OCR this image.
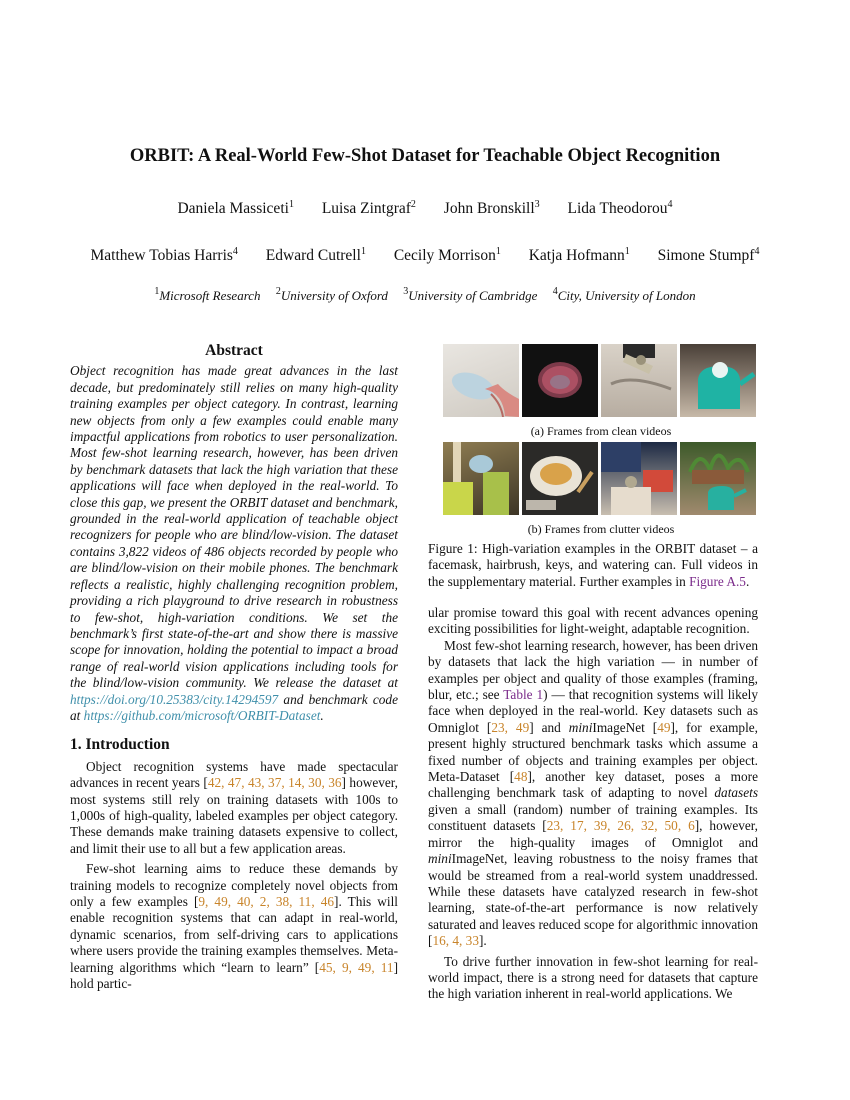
ORBIT: A Real-World Few-Shot Dataset for Teachable Object Recognition
Daniela Massiceti$^1$ Luisa Zintgraf$^2$ John Bronskill$^3$ Lida Theodorou$^4$
Matthew Tobias Harris$^4$ Edward Cutrell$^1$ Cecily Morrison$^1$ Katja Hofmann$^1$ Simone Stumpf$^4$
$^1$Microsoft Research $^2$University of Oxford $^3$University of Cambridge $^4$City, University of London
Abstract

Object recognition has made great advances in the last decade, but predominately still relies on many high-quality training examples per object category. In contrast, learning new objects from only a few examples could enable many impactful applications from robotics to user personalization. Most few-shot learning research, however, has been driven by benchmark datasets that lack the high variation that these applications will face when deployed in the real-world. To close this gap, we present the ORBIT dataset and benchmark, grounded in the real-world application of teachable object recognizers for people who are blind/low-vision. The dataset contains 3,822 videos of 486 objects recorded by people who are blind/low-vision on their mobile phones. The benchmark reflects a realistic, highly challenging recognition problem, providing a rich playground to drive research in robustness to few-shot, high-variation conditions. We set the benchmark’s first state-of-the-art and show there is massive scope for innovation, holding the potential to impact a broad range of real-world vision applications including tools for the blind/low-vision community. We release the dataset at https://doi.org/10.25383/city.14294597 and benchmark code at https://github.com/microsoft/ORBIT-Dataset.

1. Introduction

Object recognition systems have made spectacular advances in recent years [42, 47, 43, 37, 14, 30, 36] however, most systems still rely on training datasets with 100s to 1,000s of high-quality, labeled examples per object category. These demands make training datasets expensive to collect, and limit their use to all but a few application areas.

Few-shot learning aims to reduce these demands by training models to recognize completely novel objects from only a few examples [9, 49, 40, 2, 38, 11, 46]. This will enable recognition systems that can adapt in real-world, dynamic scenarios, from self-driving cars to applications where users provide the training examples themselves. Meta-learning algorithms which “learn to learn” [45, 9, 49, 11] hold partic-

(a) Frames from clean videos
(b) Frames from clutter videos

Figure 1: High-variation examples in the ORBIT dataset – a facemask, hairbrush, keys, and watering can. Full videos in the supplementary material. Further examples in Figure A.5.

ular promise toward this goal with recent advances opening exciting possibilities for light-weight, adaptable recognition.

Most few-shot learning research, however, has been driven by datasets that lack the high variation — in number of examples per object and quality of those examples (framing, blur, etc.; see Table 1) — that recognition systems will likely face when deployed in the real-world. Key datasets such as Omniglot [23, 49] and miniImageNet [49], for example, present highly structured benchmark tasks which assume a fixed number of objects and training examples per object. Meta-Dataset [48], another key dataset, poses a more challenging benchmark task of adapting to novel datasets given a small (random) number of training examples. Its constituent datasets [23, 17, 39, 26, 32, 50, 6], however, mirror the high-quality images of Omniglot and miniImageNet, leaving robustness to the noisy frames that would be streamed from a real-world system unaddressed. While these datasets have catalyzed research in few-shot learning, state-of-the-art performance is now relatively saturated and leaves reduced scope for algorithmic innovation [16, 4, 33].

To drive further innovation in few-shot learning for real-world impact, there is a strong need for datasets that capture the high variation inherent in real-world applications. We
